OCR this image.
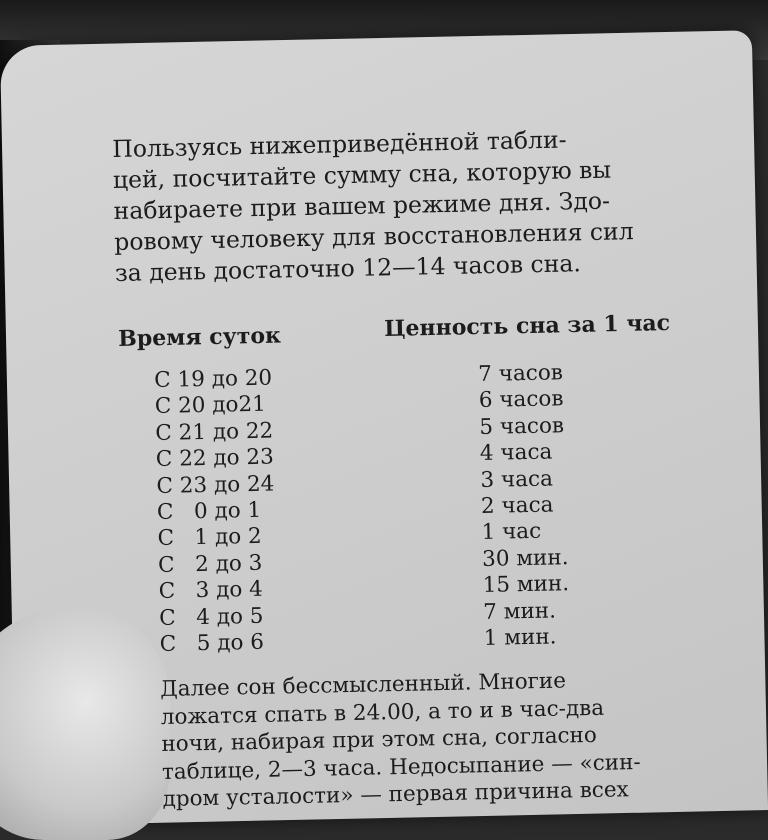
Пользуясь нижеприведённой табли-
цей, посчитайте сумму сна, которую вы
набираете при вашем режиме дня. Здо-
ровому человеку для восстановления сил
за день достаточно 12—14 часов сна.
Время суток	Ценность сна за 1 час
С 19 до 20
С 20 до21
С 21 до 22
С 22 до 23
С 23 до 24
С   0 до 1
С   1 до 2
С   2 до 3
С   3 до 4
С   4 до 5
С   5 до 6
7 часов
6 часов
5 часов
4 часа
3 часа
2 часа
1 час
30 мин.
15 мин.
7 мин.
1 мин.
Далее сон бессмысленный. Многие
ложатся спать в 24.00, а то и в час-два
ночи, набирая при этом сна, согласно
таблице, 2—3 часа. Недосыпание — «син-
дром усталости» — первая причина всех
